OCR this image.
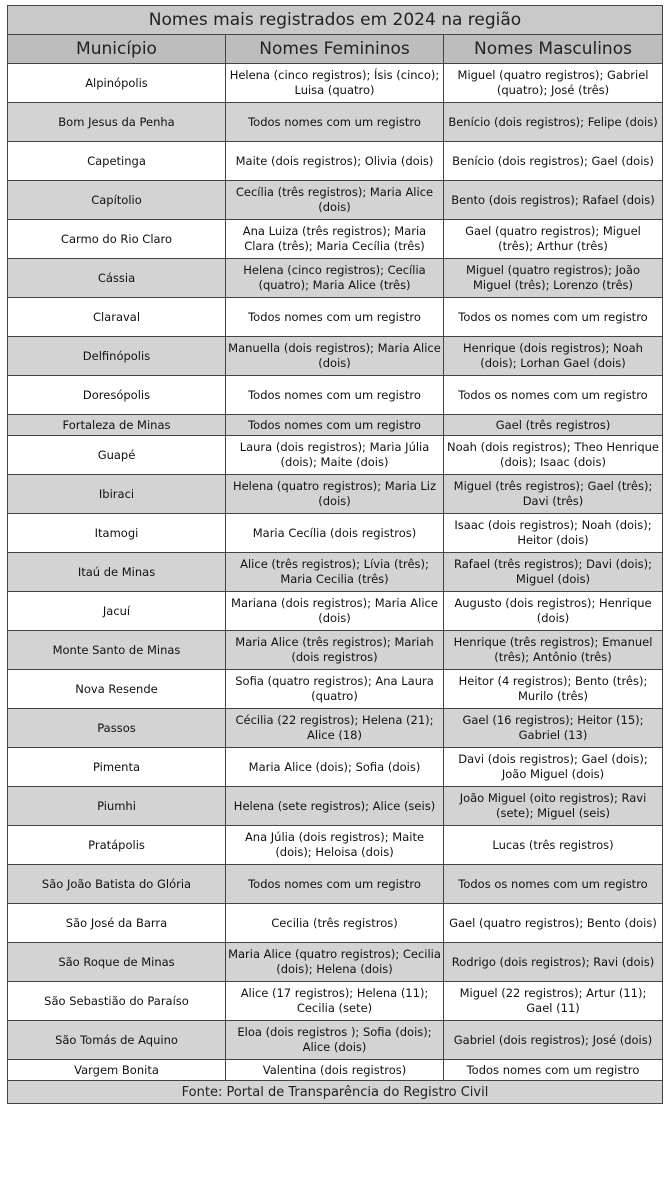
Nomes mais registrados em 2024 na região		
Município	Nomes Femininos	Nomes Masculinos
Alpinópolis	Helena (cinco registros); Ísis (cinco); Luisa (quatro)	Miguel (quatro registros); Gabriel (quatro); José (três)
Bom Jesus da Penha	Todos nomes com um registro	Benício (dois registros); Felipe (dois)
Capetinga	Maite (dois registros); Olivia (dois)	Benício (dois registros); Gael (dois)
Capítolio	Cecília (três registros); Maria Alice (dois)	Bento (dois registros); Rafael (dois)
Carmo do Rio Claro	Ana Luiza (três registros); Maria Clara (três); Maria Cecília (três)	Gael (quatro registros); Miguel (três); Arthur (três)
Cássia	Helena (cinco registros); Cecília (quatro); Maria Alice (três)	Miguel (quatro registros); João Miguel (três); Lorenzo (três)
Claraval	Todos nomes com um registro	Todos os nomes com um registro
Delfinópolis	Manuella (dois registros); Maria Alice (dois)	Henrique (dois registros); Noah (dois); Lorhan Gael (dois)
Doresópolis	Todos nomes com um registro	Todos os nomes com um registro
Fortaleza de Minas	Todos nomes com um registro	Gael (três registros)
Guapé	Laura (dois registros); Maria Júlia (dois); Maite (dois)	Noah (dois registros); Theo Henrique (dois); Isaac (dois)
Ibiraci	Helena (quatro registros); Maria Liz (dois)	Miguel (três registros); Gael (três); Davi (três)
Itamogi	Maria Cecília (dois registros)	Isaac (dois registros); Noah (dois); Heitor (dois)
Itaú de Minas	Alice (três registros); Lívia (três); Maria Cecilia (três)	Rafael (três registros); Davi (dois); Miguel (dois)
Jacuí	Mariana (dois registros); Maria Alice (dois)	Augusto (dois registros); Henrique (dois)
Monte Santo de Minas	Maria Alice (três registros); Mariah (dois registros)	Henrique (três registros); Emanuel (três); Antônio (três)
Nova Resende	Sofia (quatro registros); Ana Laura (quatro)	Heitor (4 registros); Bento (três); Murilo (três)
Passos	Cécilia (22 registros); Helena (21); Alice (18)	Gael (16 registros); Heitor (15); Gabriel (13)
Pimenta	Maria Alice (dois); Sofia (dois)	Davi (dois registros); Gael (dois); João Miguel (dois)
Piumhi	Helena (sete registros); Alice (seis)	João Miguel (oito registros); Ravi (sete); Miguel (seis)
Pratápolis	Ana Júlia (dois registros); Maite (dois); Heloisa (dois)	Lucas (três registros)
São João Batista do Glória	Todos nomes com um registro	Todos os nomes com um registro
São José da Barra	Cecilia (três registros)	Gael (quatro registros); Bento (dois)
São Roque de Minas	Maria Alice (quatro registros); Cecilia (dois); Helena (dois)	Rodrigo (dois registros); Ravi (dois)
São Sebastião do Paraíso	Alice (17 registros); Helena (11); Cecilia (sete)	Miguel (22 registros); Artur (11); Gael (11)
São Tomás de Aquino	Eloa (dois registros ); Sofia (dois); Alice (dois)	Gabriel (dois registros); José (dois)
Vargem Bonita	Valentina (dois registros)	Todos nomes com um registro
Fonte: Portal de Transparência do Registro Civil		
